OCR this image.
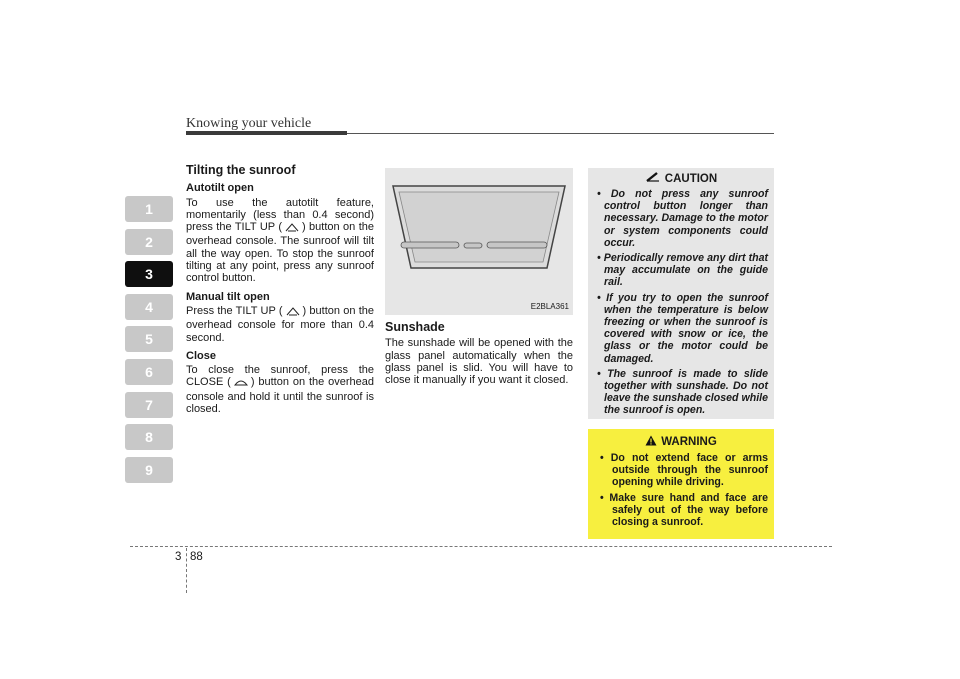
Knowing your vehicle
1
2
3
4
5
6
7
8
9
Tilting the sunroof
Autotilt open

To use the autotilt feature, momentarily (less than 0.4 second) press the TILT UP ( ) button on the overhead console. The sunroof will tilt all the way open. To stop the sunroof tilting at any point, press any sunroof control button.

Manual tilt open

Press the TILT UP ( ) button on the overhead console for more than 0.4 second.

Close

To close the sunroof, press the CLOSE ( ) button on the overhead console and hold it until the sunroof is closed.

E2BLA361
Sunshade

The sunshade will be opened with the glass panel automatically when the glass panel is slid. You will have to close it manually if you want it closed.

CAUTION
• Do not press any sunroof control button longer than necessary. Damage to the motor or system components could occur.
• Periodically remove any dirt that may accumulate on the guide rail.
• If you try to open the sunroof when the temperature is below freezing or when the sunroof is covered with snow or ice, the glass or the motor could be damaged.
• The sunroof is made to slide together with sunshade. Do not leave the sunshade closed while the sunroof is open.
WARNING
• Do not extend face or arms outside through the sunroof opening while driving.
• Make sure hand and face are safely out of the way before closing a sunroof.
3 88
